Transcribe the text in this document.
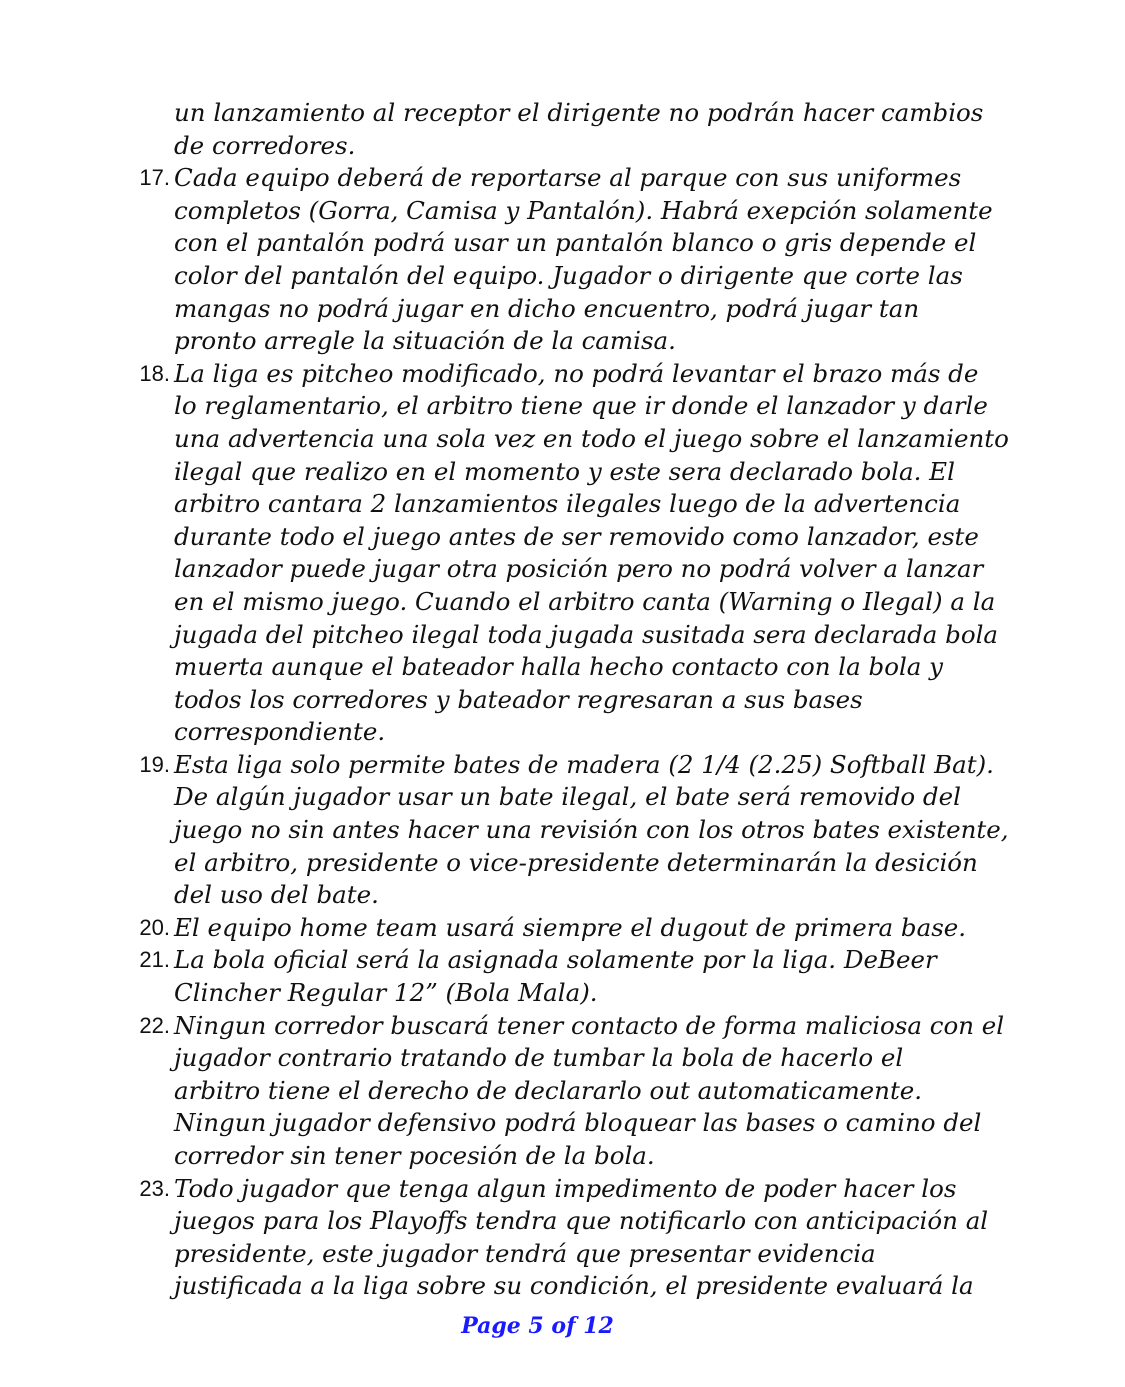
un lanzamiento al receptor el dirigente no podrán hacer cambios
de corredores.
17. Cada equipo deberá de reportarse al parque con sus uniformes
completos (Gorra, Camisa y Pantalón). Habrá exepción solamente
con el pantalón podrá usar un pantalón blanco o gris depende el
color del pantalón del equipo. Jugador o dirigente que corte las
mangas no podrá jugar en dicho encuentro, podrá jugar tan
pronto arregle la situación de la camisa.
18. La liga es pitcheo modificado, no podrá levantar el brazo más de
lo reglamentario, el arbitro tiene que ir donde el lanzador y darle
una advertencia una sola vez en todo el juego sobre el lanzamiento
ilegal que realizo en el momento y este sera declarado bola. El
arbitro cantara 2 lanzamientos ilegales luego de la advertencia
durante todo el juego antes de ser removido como lanzador, este
lanzador puede jugar otra posición pero no podrá volver a lanzar
en el mismo juego. Cuando el arbitro canta (Warning o Ilegal) a la
jugada del pitcheo ilegal toda jugada susitada sera declarada bola
muerta aunque el bateador halla hecho contacto con la bola y
todos los corredores y bateador regresaran a sus bases
correspondiente.
19. Esta liga solo permite bates de madera (2 1/4 (2.25) Softball Bat).
De algún jugador usar un bate ilegal, el bate será removido del
juego no sin antes hacer una revisión con los otros bates existente,
el arbitro, presidente o vice-presidente determinarán la desición
del uso del bate.
20. El equipo home team usará siempre el dugout de primera base.
21. La bola oficial será la asignada solamente por la liga. DeBeer
Clincher Regular 12” (Bola Mala).
22. Ningun corredor buscará tener contacto de forma maliciosa con el
jugador contrario tratando de tumbar la bola de hacerlo el
arbitro tiene el derecho de declararlo out automaticamente.
Ningun jugador defensivo podrá bloquear las bases o camino del
corredor sin tener pocesión de la bola.
23. Todo jugador que tenga algun impedimento de poder hacer los
juegos para los Playoffs tendra que notificarlo con anticipación al
presidente, este jugador tendrá que presentar evidencia
justificada a la liga sobre su condición, el presidente evaluará la
Page 5 of 12
